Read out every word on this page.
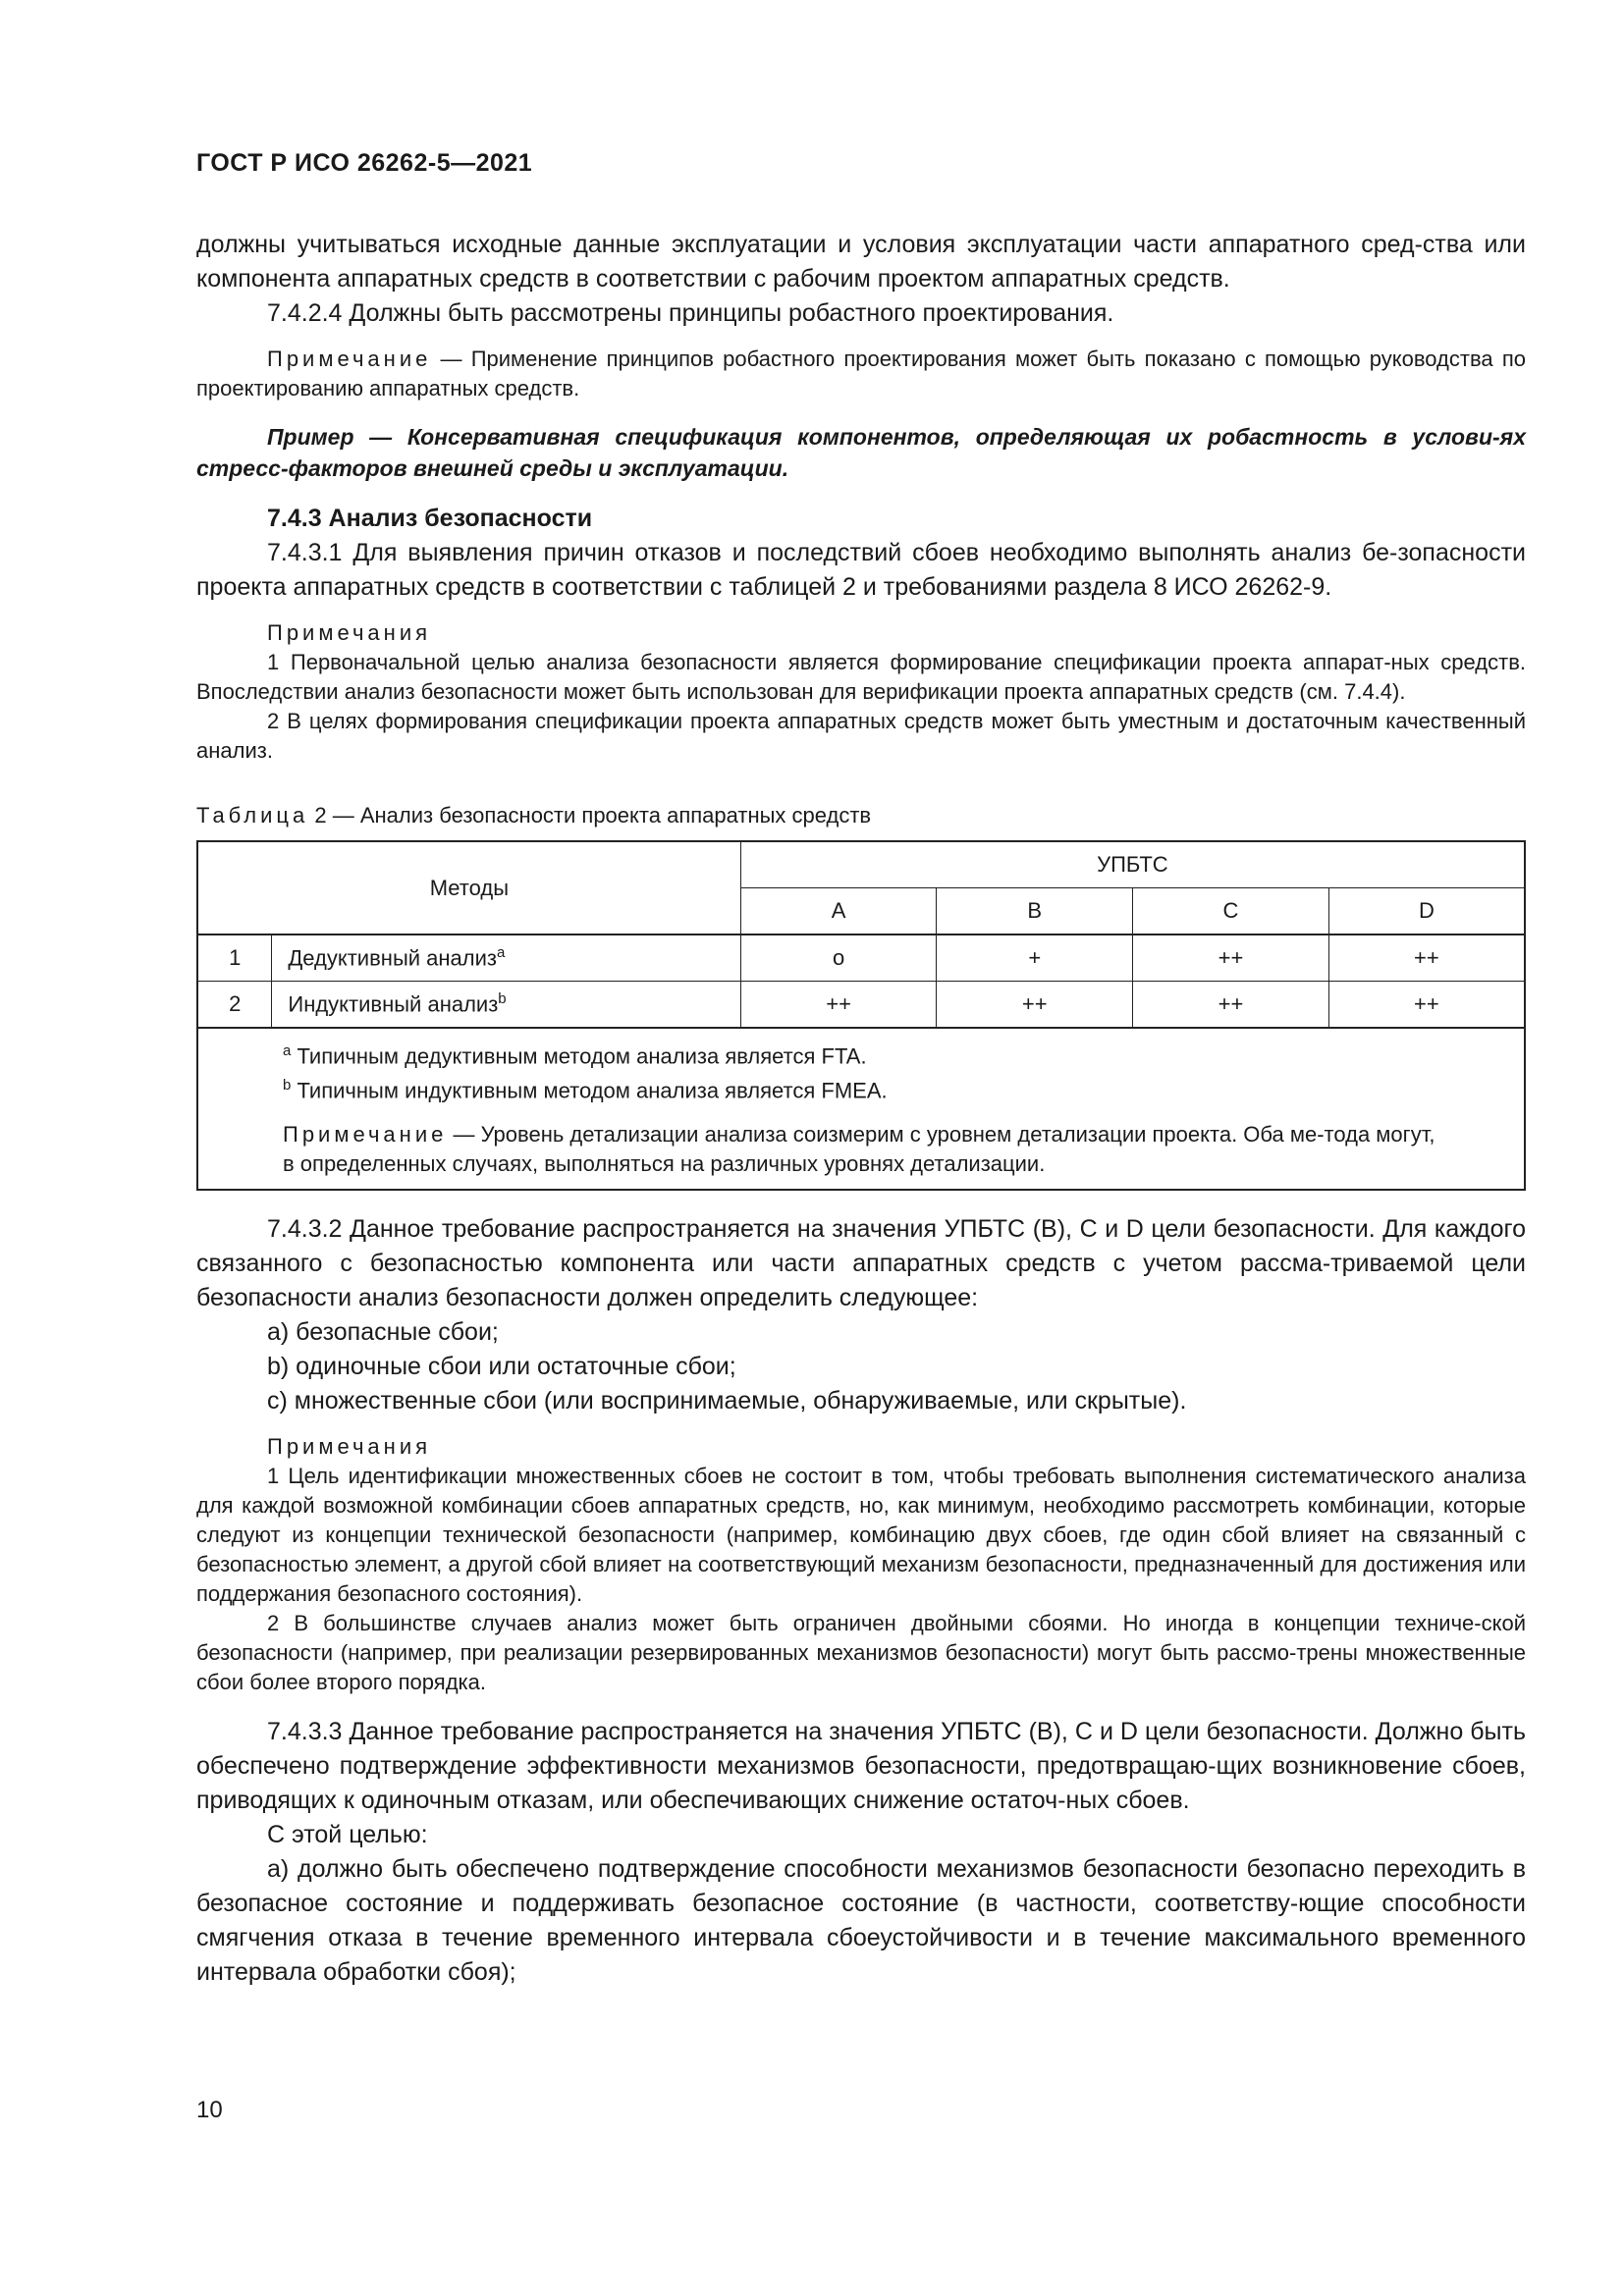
ГОСТ Р ИСО 26262-5—2021

должны учитываться исходные данные эксплуатации и условия эксплуатации части аппаратного сред-ства или компонента аппаратных средств в соответствии с рабочим проектом аппаратных средств.

7.4.2.4 Должны быть рассмотрены принципы робастного проектирования.

Примечание — Применение принципов робастного проектирования может быть показано с помощью руководства по проектированию аппаратных средств.

Пример — Консервативная спецификация компонентов, определяющая их робастность в услови-ях стресс-факторов внешней среды и эксплуатации.

7.4.3 Анализ безопасности

7.4.3.1 Для выявления причин отказов и последствий сбоев необходимо выполнять анализ бе-зопасности проекта аппаратных средств в соответствии с таблицей 2 и требованиями раздела 8 ИСО 26262-9.

Примечания

1 Первоначальной целью анализа безопасности является формирование спецификации проекта аппарат-ных средств. Впоследствии анализ безопасности может быть использован для верификации проекта аппаратных средств (см. 7.4.4).

2 В целях формирования спецификации проекта аппаратных средств может быть уместным и достаточным качественный анализ.

Таблица 2 — Анализ безопасности проекта аппаратных средств

Методы		УПБТС			
		A	B	C	D
1	Дедуктивный анализ$^a$	o	+	++	++
2	Индуктивный анализ$^b$	++	++	++	++

$^a$ Типичным дедуктивным методом анализа является FTA.
$^b$ Типичным индуктивным методом анализа является FMEA.
Примечание — Уровень детализации анализа соизмерим с уровнем детализации проекта. Оба ме-тода могут, в определенных случаях, выполняться на различных уровнях детализации.					

7.4.3.2 Данное требование распространяется на значения УПБТС (В), С и D цели безопасности. Для каждого связанного с безопасностью компонента или части аппаратных средств с учетом рассма-триваемой цели безопасности анализ безопасности должен определить следующее:

а) безопасные сбои;

b) одиночные сбои или остаточные сбои;

с) множественные сбои (или воспринимаемые, обнаруживаемые, или скрытые).

Примечания

1 Цель идентификации множественных сбоев не состоит в том, чтобы требовать выполнения систематического анализа для каждой возможной комбинации сбоев аппаратных средств, но, как минимум, необходимо рассмотреть комбинации, которые следуют из концепции технической безопасности (например, комбинацию двух сбоев, где один сбой влияет на связанный с безопасностью элемент, а другой сбой влияет на соответствующий механизм безопасности, предназначенный для достижения или поддержания безопасного состояния).

2 В большинстве случаев анализ может быть ограничен двойными сбоями. Но иногда в концепции техниче-ской безопасности (например, при реализации резервированных механизмов безопасности) могут быть рассмо-трены множественные сбои более второго порядка.

7.4.3.3 Данное требование распространяется на значения УПБТС (В), С и D цели безопасности. Должно быть обеспечено подтверждение эффективности механизмов безопасности, предотвращаю-щих возникновение сбоев, приводящих к одиночным отказам, или обеспечивающих снижение остаточ-ных сбоев.

С этой целью:

а) должно быть обеспечено подтверждение способности механизмов безопасности безопасно переходить в безопасное состояние и поддерживать безопасное состояние (в частности, соответству-ющие способности смягчения отказа в течение временного интервала сбоеустойчивости и в течение максимального временного интервала обработки сбоя);

10
